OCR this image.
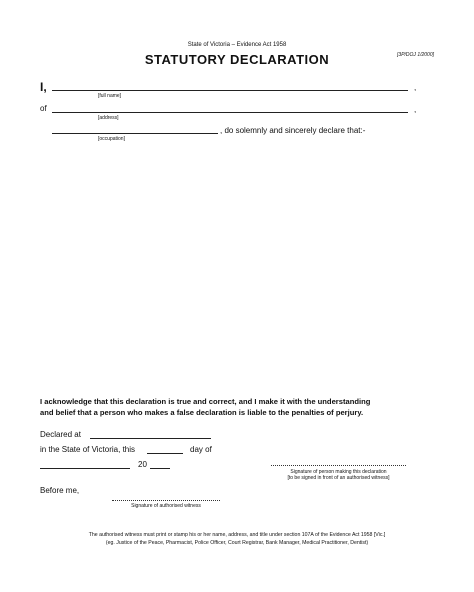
State of Victoria – Evidence Act 1958
[3P/DOJ 1/2000]
STATUTORY DECLARATION
I,	,
[full name]
of	,
[address]
, do solemnly and sincerely declare that:-
[occupation]
I acknowledge that this declaration is true and correct, and I make it with the understanding
and belief that a person who makes a false declaration is liable to the penalties of perjury.
Declared at
in the State of Victoria, this	day of
20
Signature of person making this declaration
[to be signed in front of an authorised witness]
Before me,
Signature of authorised witness
The authorised witness must print or stamp his or her name, address, and title under section 107A of the Evidence Act 1958 [Vic.]
(eg. Justice of the Peace, Pharmacist, Police Officer, Court Registrar, Bank Manager, Medical Practitioner, Dentist)
